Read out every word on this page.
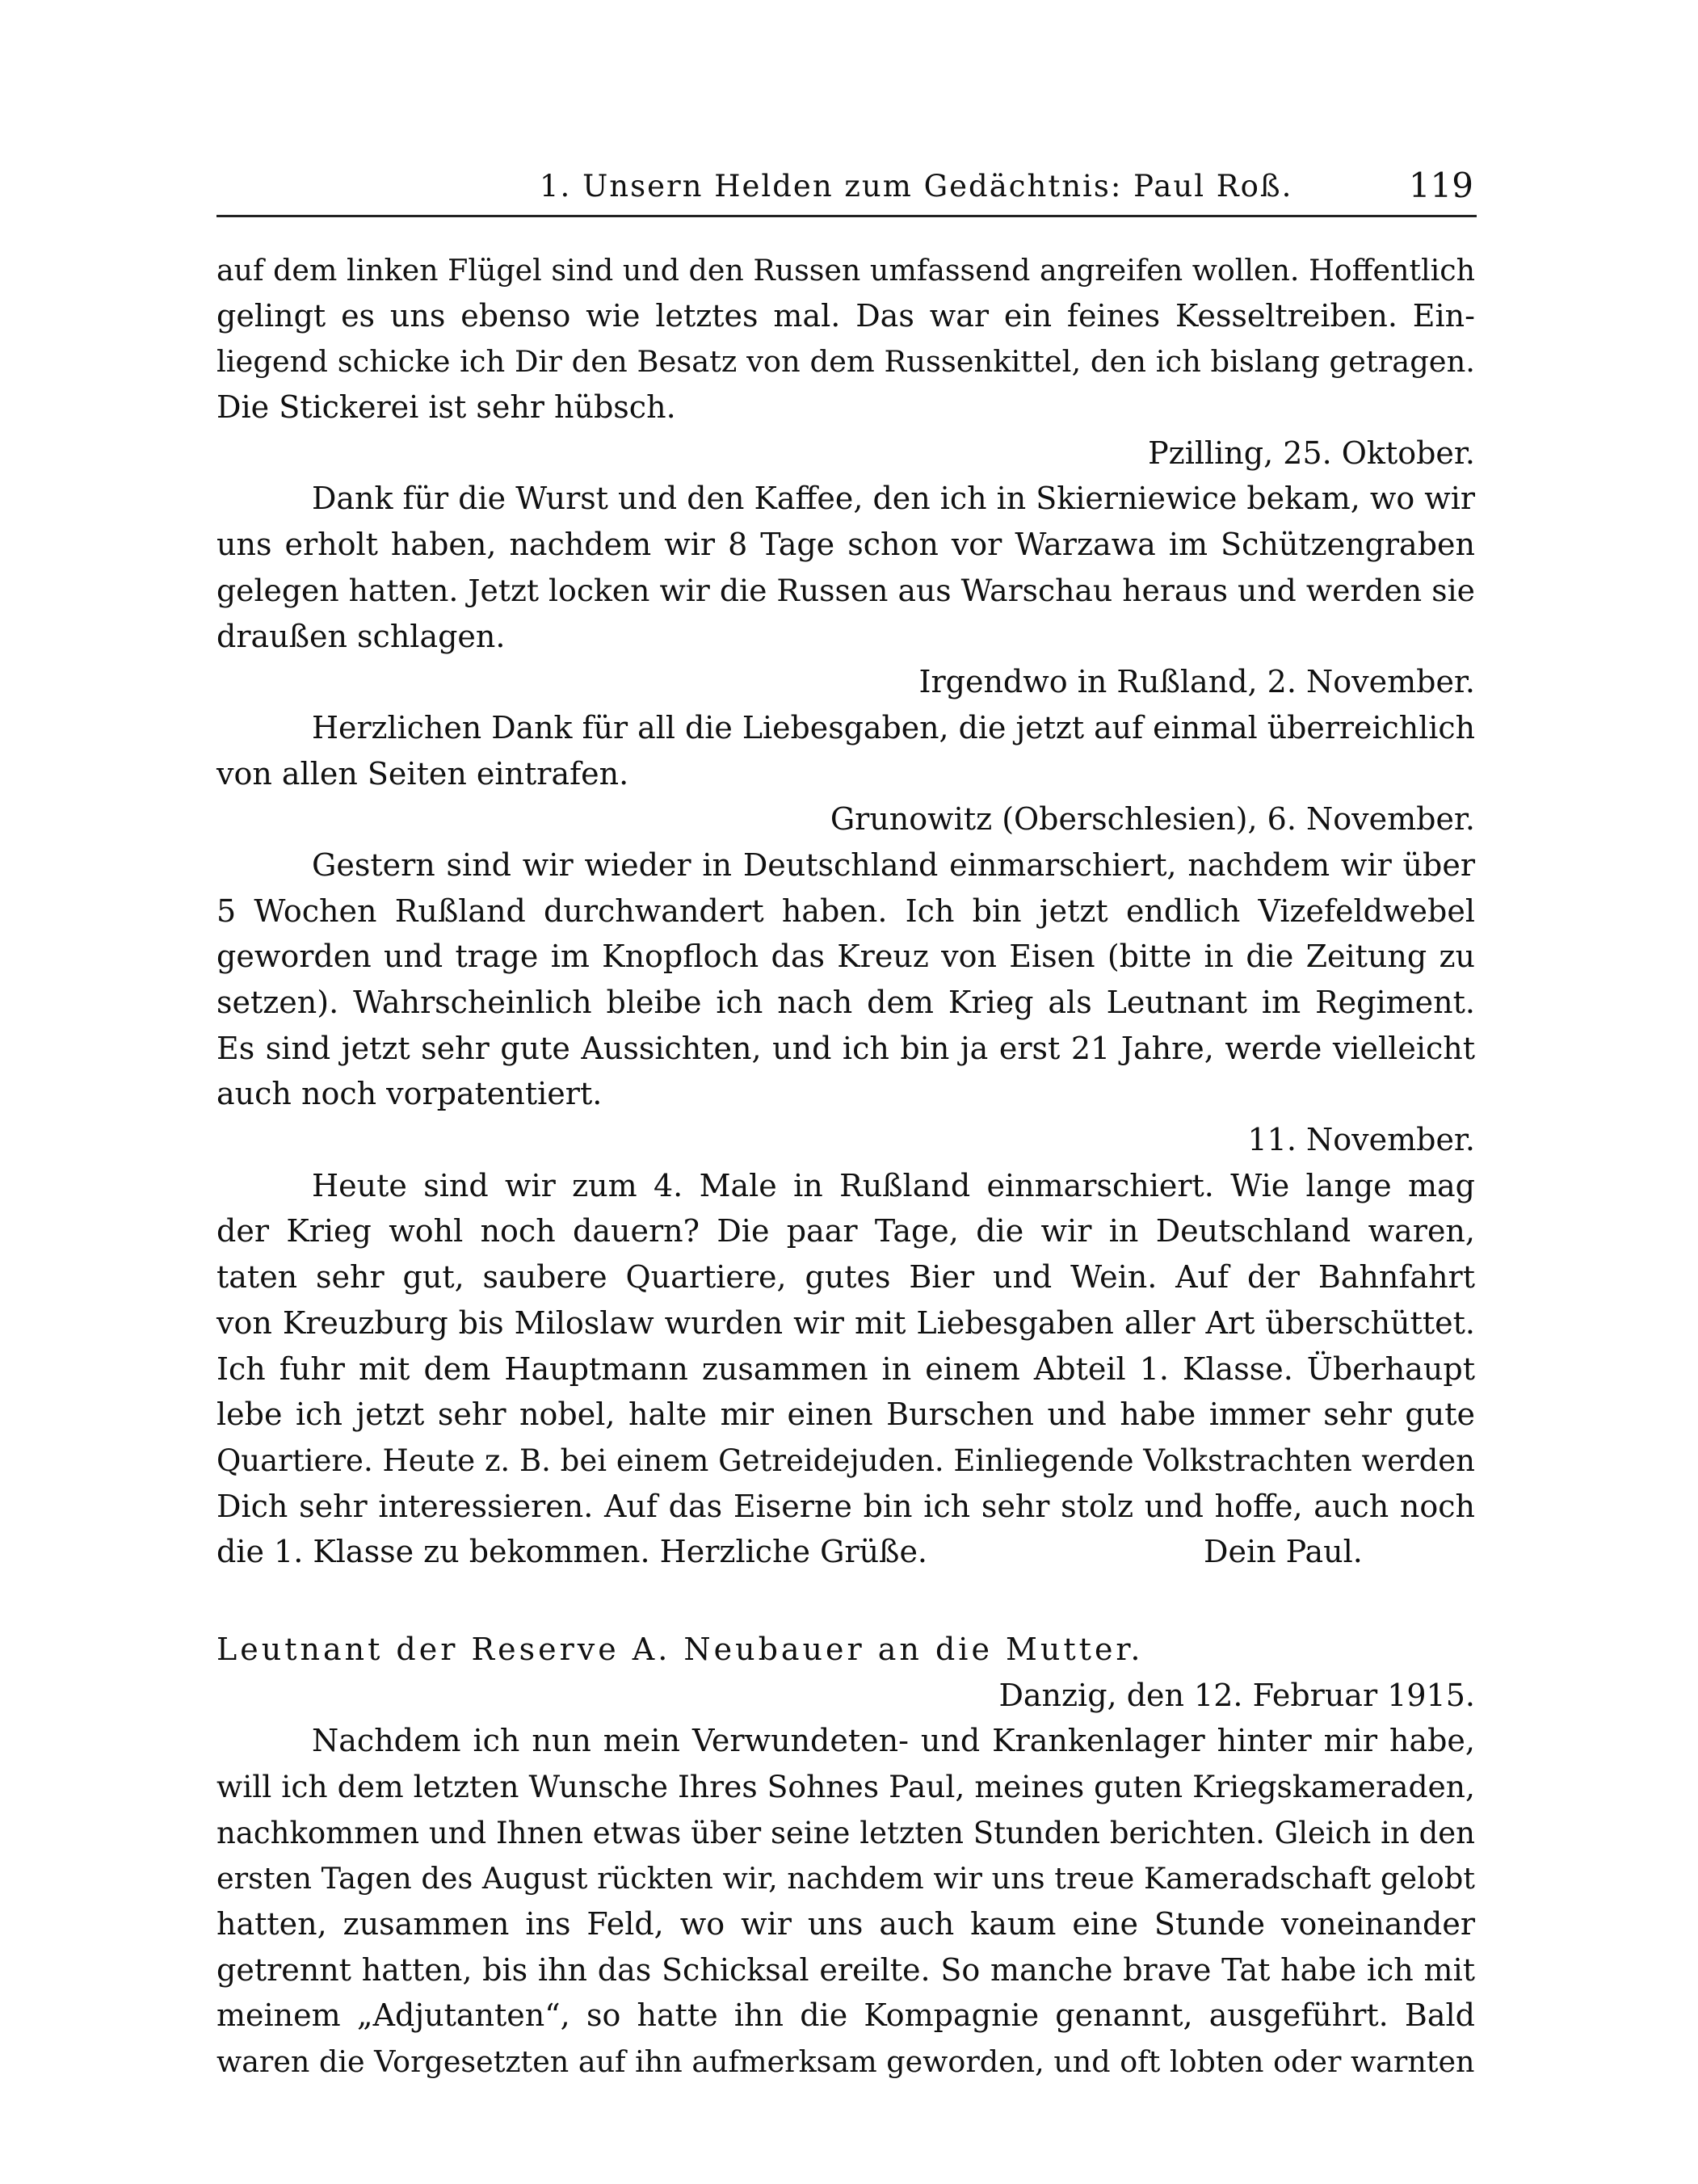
1. Unsern Helden zum Gedächtnis: Paul Roß.	119
auf dem linken Flügel sind und den Russen umfassend angreifen wollen. Hoffentlich
gelingt es uns ebenso wie letztes mal. Das war ein feines Kesseltreiben. Ein-
liegend schicke ich Dir den Besatz von dem Russenkittel, den ich bislang getragen.
Die Stickerei ist sehr hübsch.
Pzilling, 25. Oktober.
Dank für die Wurst und den Kaffee, den ich in Skierniewice bekam, wo wir
uns erholt haben, nachdem wir 8 Tage schon vor Warzawa im Schützengraben
gelegen hatten. Jetzt locken wir die Russen aus Warschau heraus und werden sie
draußen schlagen.
Irgendwo in Rußland, 2. November.
Herzlichen Dank für all die Liebesgaben, die jetzt auf einmal überreichlich
von allen Seiten eintrafen.
Grunowitz (Oberschlesien), 6. November.
Gestern sind wir wieder in Deutschland einmarschiert, nachdem wir über
5 Wochen Rußland durchwandert haben. Ich bin jetzt endlich Vizefeldwebel
geworden und trage im Knopfloch das Kreuz von Eisen (bitte in die Zeitung zu
setzen). Wahrscheinlich bleibe ich nach dem Krieg als Leutnant im Regiment.
Es sind jetzt sehr gute Aussichten, und ich bin ja erst 21 Jahre, werde vielleicht
auch noch vorpatentiert.
11. November.
Heute sind wir zum 4. Male in Rußland einmarschiert. Wie lange mag
der Krieg wohl noch dauern? Die paar Tage, die wir in Deutschland waren,
taten sehr gut, saubere Quartiere, gutes Bier und Wein. Auf der Bahnfahrt
von Kreuzburg bis Miloslaw wurden wir mit Liebesgaben aller Art überschüttet.
Ich fuhr mit dem Hauptmann zusammen in einem Abteil 1. Klasse. Überhaupt
lebe ich jetzt sehr nobel, halte mir einen Burschen und habe immer sehr gute
Quartiere. Heute z. B. bei einem Getreidejuden. Einliegende Volkstrachten werden
Dich sehr interessieren. Auf das Eiserne bin ich sehr stolz und hoffe, auch noch
die 1. Klasse zu bekommen. Herzliche Grüße.	Dein Paul.
Leutnant der Reserve A. Neubauer an die Mutter.
Danzig, den 12. Februar 1915.
Nachdem ich nun mein Verwundeten- und Krankenlager hinter mir habe,
will ich dem letzten Wunsche Ihres Sohnes Paul, meines guten Kriegskameraden,
nachkommen und Ihnen etwas über seine letzten Stunden berichten. Gleich in den
ersten Tagen des August rückten wir, nachdem wir uns treue Kameradschaft gelobt
hatten, zusammen ins Feld, wo wir uns auch kaum eine Stunde voneinander
getrennt hatten, bis ihn das Schicksal ereilte. So manche brave Tat habe ich mit
meinem „Adjutanten“, so hatte ihn die Kompagnie genannt, ausgeführt. Bald
waren die Vorgesetzten auf ihn aufmerksam geworden, und oft lobten oder warnten
